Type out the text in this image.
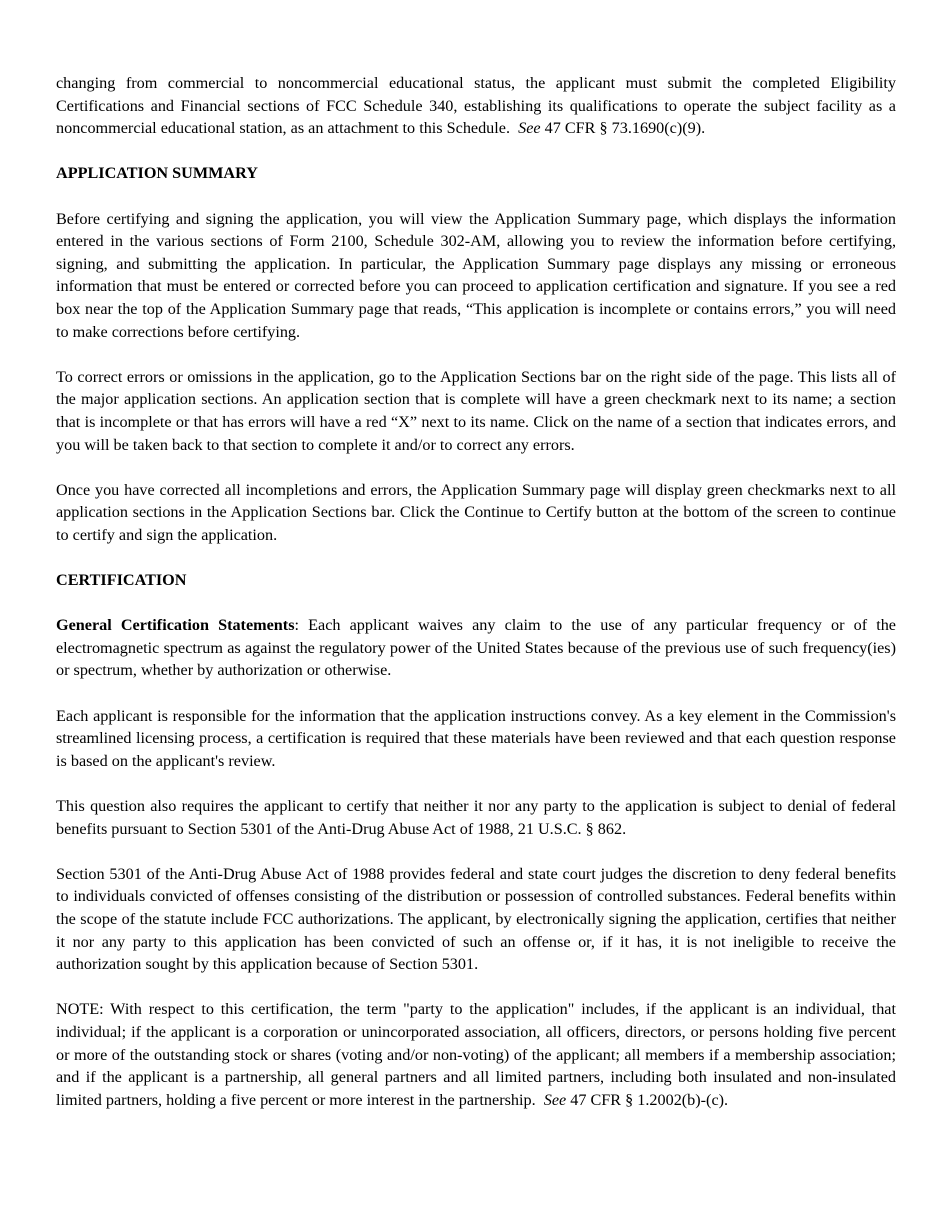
changing from commercial to noncommercial educational status, the applicant must submit the completed Eligibility Certifications and Financial sections of FCC Schedule 340, establishing its qualifications to operate the subject facility as a noncommercial educational station, as an attachment to this Schedule. See 47 CFR § 73.1690(c)(9).

APPLICATION SUMMARY

Before certifying and signing the application, you will view the Application Summary page, which displays the information entered in the various sections of Form 2100, Schedule 302-AM, allowing you to review the information before certifying, signing, and submitting the application. In particular, the Application Summary page displays any missing or erroneous information that must be entered or corrected before you can proceed to application certification and signature. If you see a red box near the top of the Application Summary page that reads, “This application is incomplete or contains errors,” you will need to make corrections before certifying.

To correct errors or omissions in the application, go to the Application Sections bar on the right side of the page. This lists all of the major application sections. An application section that is complete will have a green checkmark next to its name; a section that is incomplete or that has errors will have a red “X” next to its name. Click on the name of a section that indicates errors, and you will be taken back to that section to complete it and/or to correct any errors.

Once you have corrected all incompletions and errors, the Application Summary page will display green checkmarks next to all application sections in the Application Sections bar. Click the Continue to Certify button at the bottom of the screen to continue to certify and sign the application.

CERTIFICATION

General Certification Statements: Each applicant waives any claim to the use of any particular frequency or of the electromagnetic spectrum as against the regulatory power of the United States because of the previous use of such frequency(ies) or spectrum, whether by authorization or otherwise.

Each applicant is responsible for the information that the application instructions convey. As a key element in the Commission's streamlined licensing process, a certification is required that these materials have been reviewed and that each question response is based on the applicant's review.

This question also requires the applicant to certify that neither it nor any party to the application is subject to denial of federal benefits pursuant to Section 5301 of the Anti-Drug Abuse Act of 1988, 21 U.S.C. § 862.

Section 5301 of the Anti-Drug Abuse Act of 1988 provides federal and state court judges the discretion to deny federal benefits to individuals convicted of offenses consisting of the distribution or possession of controlled substances. Federal benefits within the scope of the statute include FCC authorizations. The applicant, by electronically signing the application, certifies that neither it nor any party to this application has been convicted of such an offense or, if it has, it is not ineligible to receive the authorization sought by this application because of Section 5301.

NOTE: With respect to this certification, the term "party to the application" includes, if the applicant is an individual, that individual; if the applicant is a corporation or unincorporated association, all officers, directors, or persons holding five percent or more of the outstanding stock or shares (voting and/or non-voting) of the applicant; all members if a membership association; and if the applicant is a partnership, all general partners and all limited partners, including both insulated and non-insulated limited partners, holding a five percent or more interest in the partnership. See 47 CFR § 1.2002(b)-(c).
